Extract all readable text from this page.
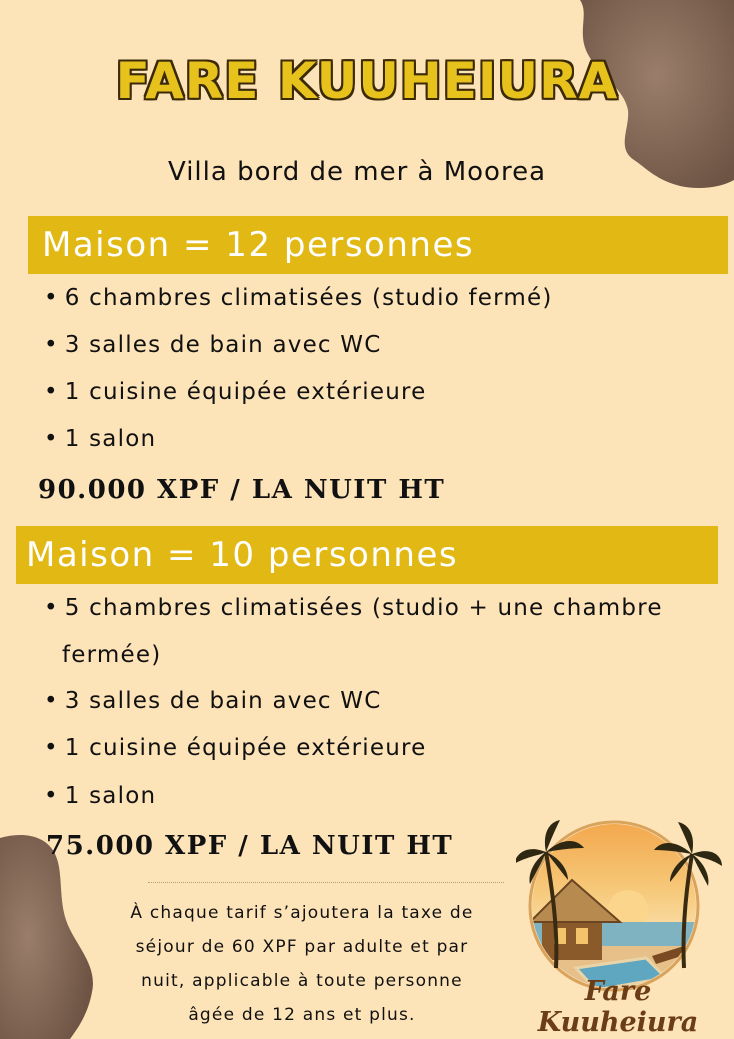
FARE KUUHEIURA
Villa bord de mer à Moorea
Maison = 12 personnes
• 6 chambres climatisées (studio fermé)
• 3 salles de bain avec WC
• 1 cuisine équipée extérieure
• 1 salon
90.000 XPF / LA NUIT HT
Maison = 10 personnes
• 5 chambres climatisées (studio + une chambre
fermée)
• 3 salles de bain avec WC
• 1 cuisine équipée extérieure
• 1 salon
75.000 XPF / LA NUIT HT
À chaque tarif s’ajoutera la taxe de
séjour de 60 XPF par adulte et par
nuit, applicable à toute personne
âgée de 12 ans et plus.
Fare Kuuheiura
